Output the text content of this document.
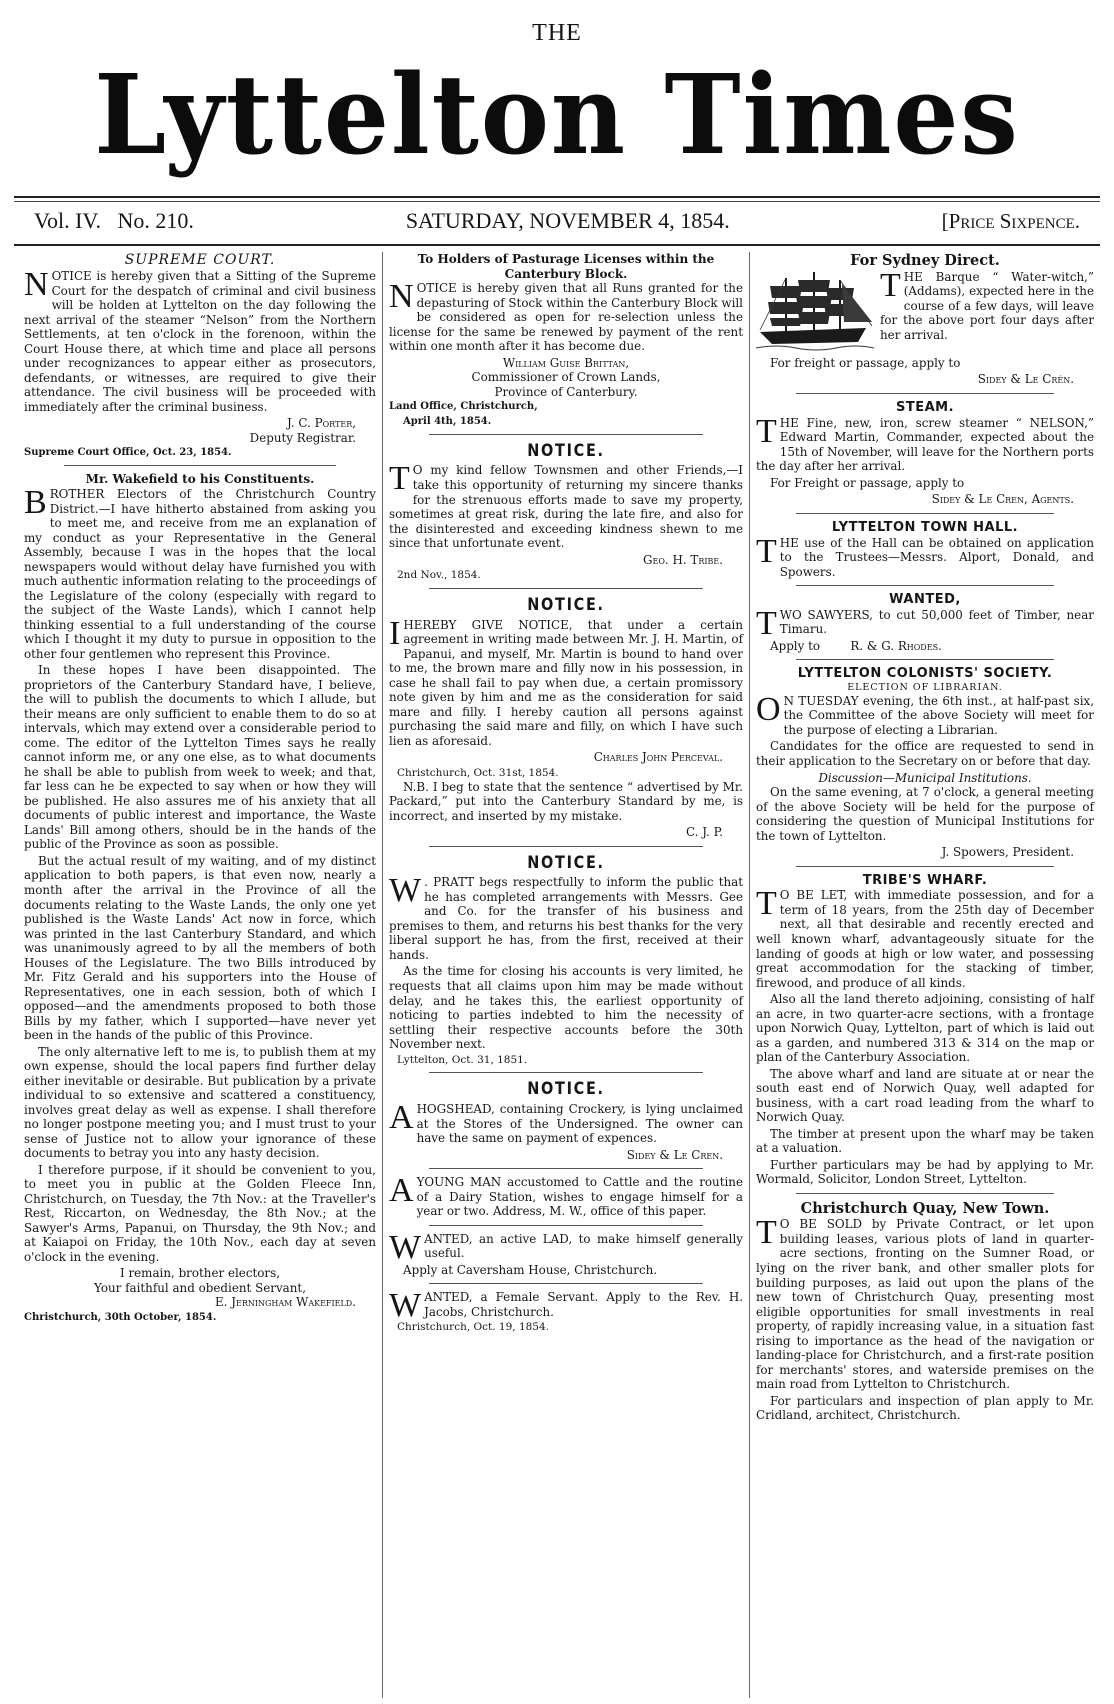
THE
Lyttelton Times
Vol. IV. No. 210.	SATURDAY, NOVEMBER 4, 1854.	[Price Sixpence.
SUPREME COURT.

NOTICE is hereby given that a Sitting of the Supreme Court for the despatch of criminal and civil business will be holden at Lyttelton on the day following the next arrival of the steamer “Nelson” from the Northern Settlements, at ten o'clock in the forenoon, within the Court House there, at which time and place all persons under recognizances to appear either as prosecutors, defendants, or witnesses, are required to give their attendance. The civil business will be proceeded with immediately after the criminal business.

J. C. Porter,
Deputy Registrar.
Supreme Court Office, Oct. 23, 1854.
Mr. Wakefield to his Constituents.

BROTHER Electors of the Christchurch Country District.—I have hitherto abstained from asking you to meet me, and receive from me an explanation of my conduct as your Representative in the General Assembly, because I was in the hopes that the local newspapers would without delay have furnished you with much authentic information relating to the proceedings of the Legislature of the colony (especially with regard to the subject of the Waste Lands), which I cannot help thinking essential to a full understanding of the course which I thought it my duty to pursue in opposition to the other four gentlemen who represent this Province.

In these hopes I have been disappointed. The proprietors of the Canterbury Standard have, I believe, the will to publish the documents to which I allude, but their means are only sufficient to enable them to do so at intervals, which may extend over a considerable period to come. The editor of the Lyttelton Times says he really cannot inform me, or any one else, as to what documents he shall be able to publish from week to week; and that, far less can he be expected to say when or how they will be published. He also assures me of his anxiety that all documents of public interest and importance, the Waste Lands' Bill among others, should be in the hands of the public of the Province as soon as possible.

But the actual result of my waiting, and of my distinct application to both papers, is that even now, nearly a month after the arrival in the Province of all the documents relating to the Waste Lands, the only one yet published is the Waste Lands' Act now in force, which was printed in the last Canterbury Standard, and which was unanimously agreed to by all the members of both Houses of the Legislature. The two Bills introduced by Mr. Fitz Gerald and his supporters into the House of Representatives, one in each session, both of which I opposed—and the amendments proposed to both those Bills by my father, which I supported—have never yet been in the hands of the public of this Province.

The only alternative left to me is, to publish them at my own expense, should the local papers find further delay either inevitable or desirable. But publication by a private individual to so extensive and scattered a constituency, involves great delay as well as expense. I shall therefore no longer postpone meeting you; and I must trust to your sense of Justice not to allow your ignorance of these documents to betray you into any hasty decision.

I therefore purpose, if it should be convenient to you, to meet you in public at the Golden Fleece Inn, Christchurch, on Tuesday, the 7th Nov.: at the Traveller's Rest, Riccarton, on Wednesday, the 8th Nov.; at the Sawyer's Arms, Papanui, on Thursday, the 9th Nov.; and at Kaiapoi on Friday, the 10th Nov., each day at seven o'clock in the evening.

I remain, brother electors,
Your faithful and obedient Servant,
E. Jerningham Wakefield.
Christchurch, 30th October, 1854.
To Holders of Pasturage Licenses within the Canterbury Block.

NOTICE is hereby given that all Runs granted for the depasturing of Stock within the Canterbury Block will be considered as open for re-selection unless the license for the same be renewed by payment of the rent within one month after it has become due.

William Guise Brittan,
Commissioner of Crown Lands,
Province of Canterbury.
Land Office, Christchurch,
April 4th, 1854.
NOTICE.

T O my kind fellow Townsmen and other Friends,—I take this opportunity of returning my sincere thanks for the strenuous efforts made to save my property, sometimes at great risk, during the late fire, and also for the disinterested and exceeding kindness shewn to me since that unfortunate event.

Geo. H. Tribe.
2nd Nov., 1854.
NOTICE.

IHEREBY GIVE NOTICE, that under a certain agreement in writing made between Mr. J. H. Martin, of Papanui, and myself, Mr. Martin is bound to hand over to me, the brown mare and filly now in his possession, in case he shall fail to pay when due, a certain promissory note given by him and me as the consideration for said mare and filly. I hereby caution all persons against purchasing the said mare and filly, on which I have such lien as aforesaid.

Charles John Perceval.
Christchurch, Oct. 31st, 1854.

N.B. I beg to state that the sentence “ advertised by Mr. Packard,” put into the Canterbury Standard by me, is incorrect, and inserted by my mistake.

C. J. P.
NOTICE.

W . PRATT begs respectfully to inform the public that he has completed arrangements with Messrs. Gee and Co. for the transfer of his business and premises to them, and returns his best thanks for the very liberal support he has, from the first, received at their hands.

As the time for closing his accounts is very limited, he requests that all claims upon him may be made without delay, and he takes this, the earliest opportunity of noticing to parties indebted to him the necessity of settling their respective accounts before the 30th November next.

Lyttelton, Oct. 31, 1851.
NOTICE.

A HOGSHEAD, containing Crockery, is lying unclaimed at the Stores of the Undersigned. The owner can have the same on payment of expences.

Sidey & Le Cren.

A YOUNG MAN accustomed to Cattle and the routine of a Dairy Station, wishes to engage himself for a year or two. Address, M. W., office of this paper.

WANTED, an active LAD, to make himself generally useful.

Apply at Caversham House, Christchurch.

WANTED, a Female Servant. Apply to the Rev. H. Jacobs, Christchurch.

Christchurch, Oct. 19, 1854.
For Sydney Direct.

THE Barque “ Water-witch,” (Addams), expected here in the course of a few days, will leave for the above port four days after her arrival.

For freight or passage, apply to

Sidey & Le Crén.
STEAM.

THE Fine, new, iron, screw steamer “ NELSON,” Edward Martin, Commander, expected about the 15th of November, will leave for the Northern ports the day after her arrival.

For Freight or passage, apply to

Sidey & Le Cren, Agents.
LYTTELTON TOWN HALL.

THE use of the Hall can be obtained on application to the Trustees—Messrs. Alport, Donald, and Spowers.

WANTED,

TWO SAWYERS, to cut 50,000 feet of Timber, near Timaru.

Apply to	R. & G. Rhodes.

LYTTELTON COLONISTS' SOCIETY.
ELECTION OF LIBRARIAN.

O N TUESDAY evening, the 6th inst., at half-past six, the Committee of the above Society will meet for the purpose of electing a Librarian.

Candidates for the office are requested to send in their application to the Secretary on or before that day.

Discussion—Municipal Institutions.

On the same evening, at 7 o'clock, a general meeting of the above Society will be held for the purpose of considering the question of Municipal Institutions for the town of Lyttelton.

J. Spowers, President.
TRIBE'S WHARF.

T O BE LET, with immediate possession, and for a term of 18 years, from the 25th day of December next, all that desirable and recently erected and well known wharf, advantageously situate for the landing of goods at high or low water, and possessing great accommodation for the stacking of timber, firewood, and produce of all kinds.

Also all the land thereto adjoining, consisting of half an acre, in two quarter-acre sections, with a frontage upon Norwich Quay, Lyttelton, part of which is laid out as a garden, and numbered 313 & 314 on the map or plan of the Canterbury Association.

The above wharf and land are situate at or near the south east end of Norwich Quay, well adapted for business, with a cart road leading from the wharf to Norwich Quay.

The timber at present upon the wharf may be taken at a valuation.

Further particulars may be had by applying to Mr. Wormald, Solicitor, London Street, Lyttelton.

Christchurch Quay, New Town.

T O BE SOLD by Private Contract, or let upon building leases, various plots of land in quarter-acre sections, fronting on the Sumner Road, or lying on the river bank, and other smaller plots for building purposes, as laid out upon the plans of the new town of Christchurch Quay, presenting most eligible opportunities for small investments in real property, of rapidly increasing value, in a situation fast rising to importance as the head of the navigation or landing-place for Christchurch, and a first-rate position for merchants' stores, and waterside premises on the main road from Lyttelton to Christchurch.

For particulars and inspection of plan apply to Mr. Cridland, architect, Christchurch.
